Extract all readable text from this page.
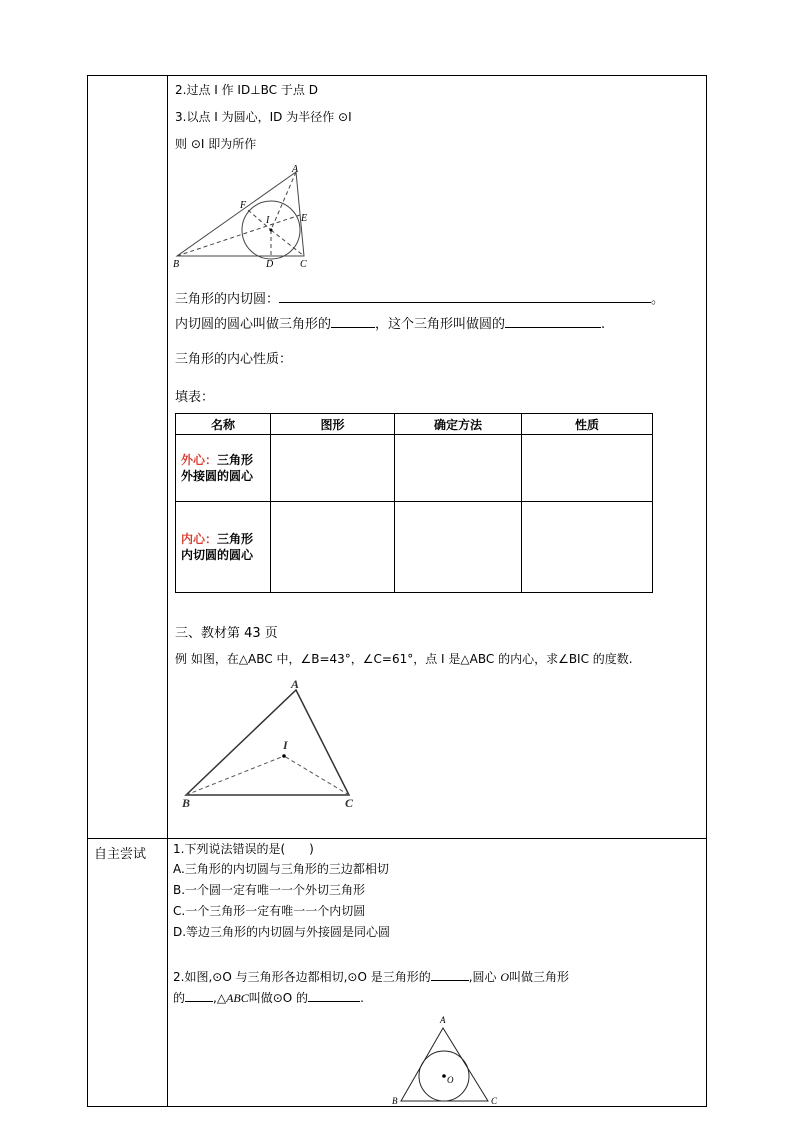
自主尝试
2.过点 I 作 ID⊥BC 于点 D
3.以点 I 为圆心，ID 为半径作 ⊙I
则 ⊙I 即为所作
A
B	C
D
E
F
I
三角形的内切圆：	。
内切圆的圆心叫做三角形的	，这个三角形叫做圆的	.
三角形的内心性质：
填表：
名称	图形	确定方法	性质
外心：三角形
外接圆的圆心			
内心：三角形
内切圆的圆心			
三、教材第 43 页
例 如图，在△ABC 中，∠B=43°，∠C=61°，点 I 是△ABC 的内心，求∠BIC 的度数.
A
B	C
I
1.下列说法错误的是(　　)
A.三角形的内切圆与三角形的三边都相切
B.一个圆一定有唯一一个外切三角形
C.一个三角形一定有唯一一个内切圆
D.等边三角形的内切圆与外接圆是同心圆
2.如图,⊙O 与三角形各边都相切,⊙O 是三角形的	,圆心 O叫做三角形
的 ,△ABC叫做⊙O 的	.
A
B	C
O
